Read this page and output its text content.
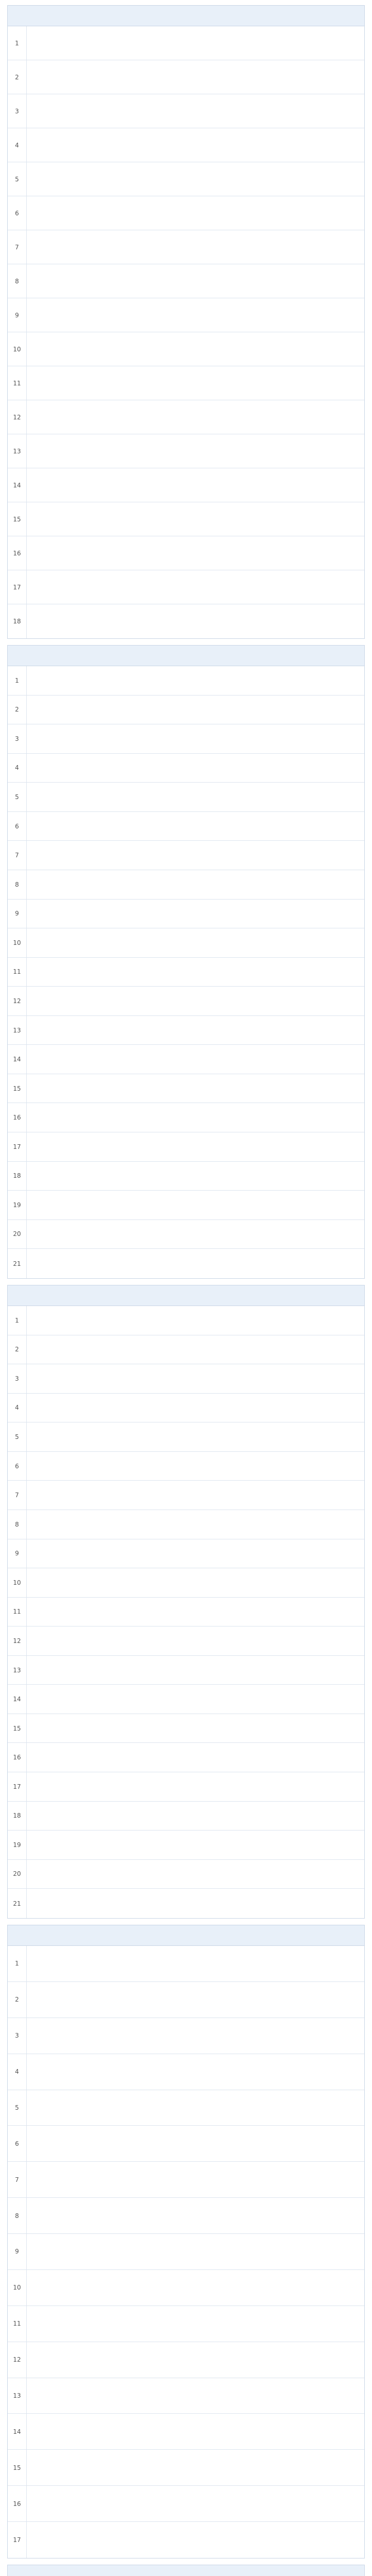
1
2
3
4
5
6
7
8
9
10
11
12
13
14
15
16
17
18
1
2
3
4
5
6
7
8
9
10
11
12
13
14
15
16
17
18
19
20
21
1
2
3
4
5
6
7
8
9
10
11
12
13
14
15
16
17
18
19
20
21
1
2
3
4
5
6
7
8
9
10
11
12
13
14
15
16
17
